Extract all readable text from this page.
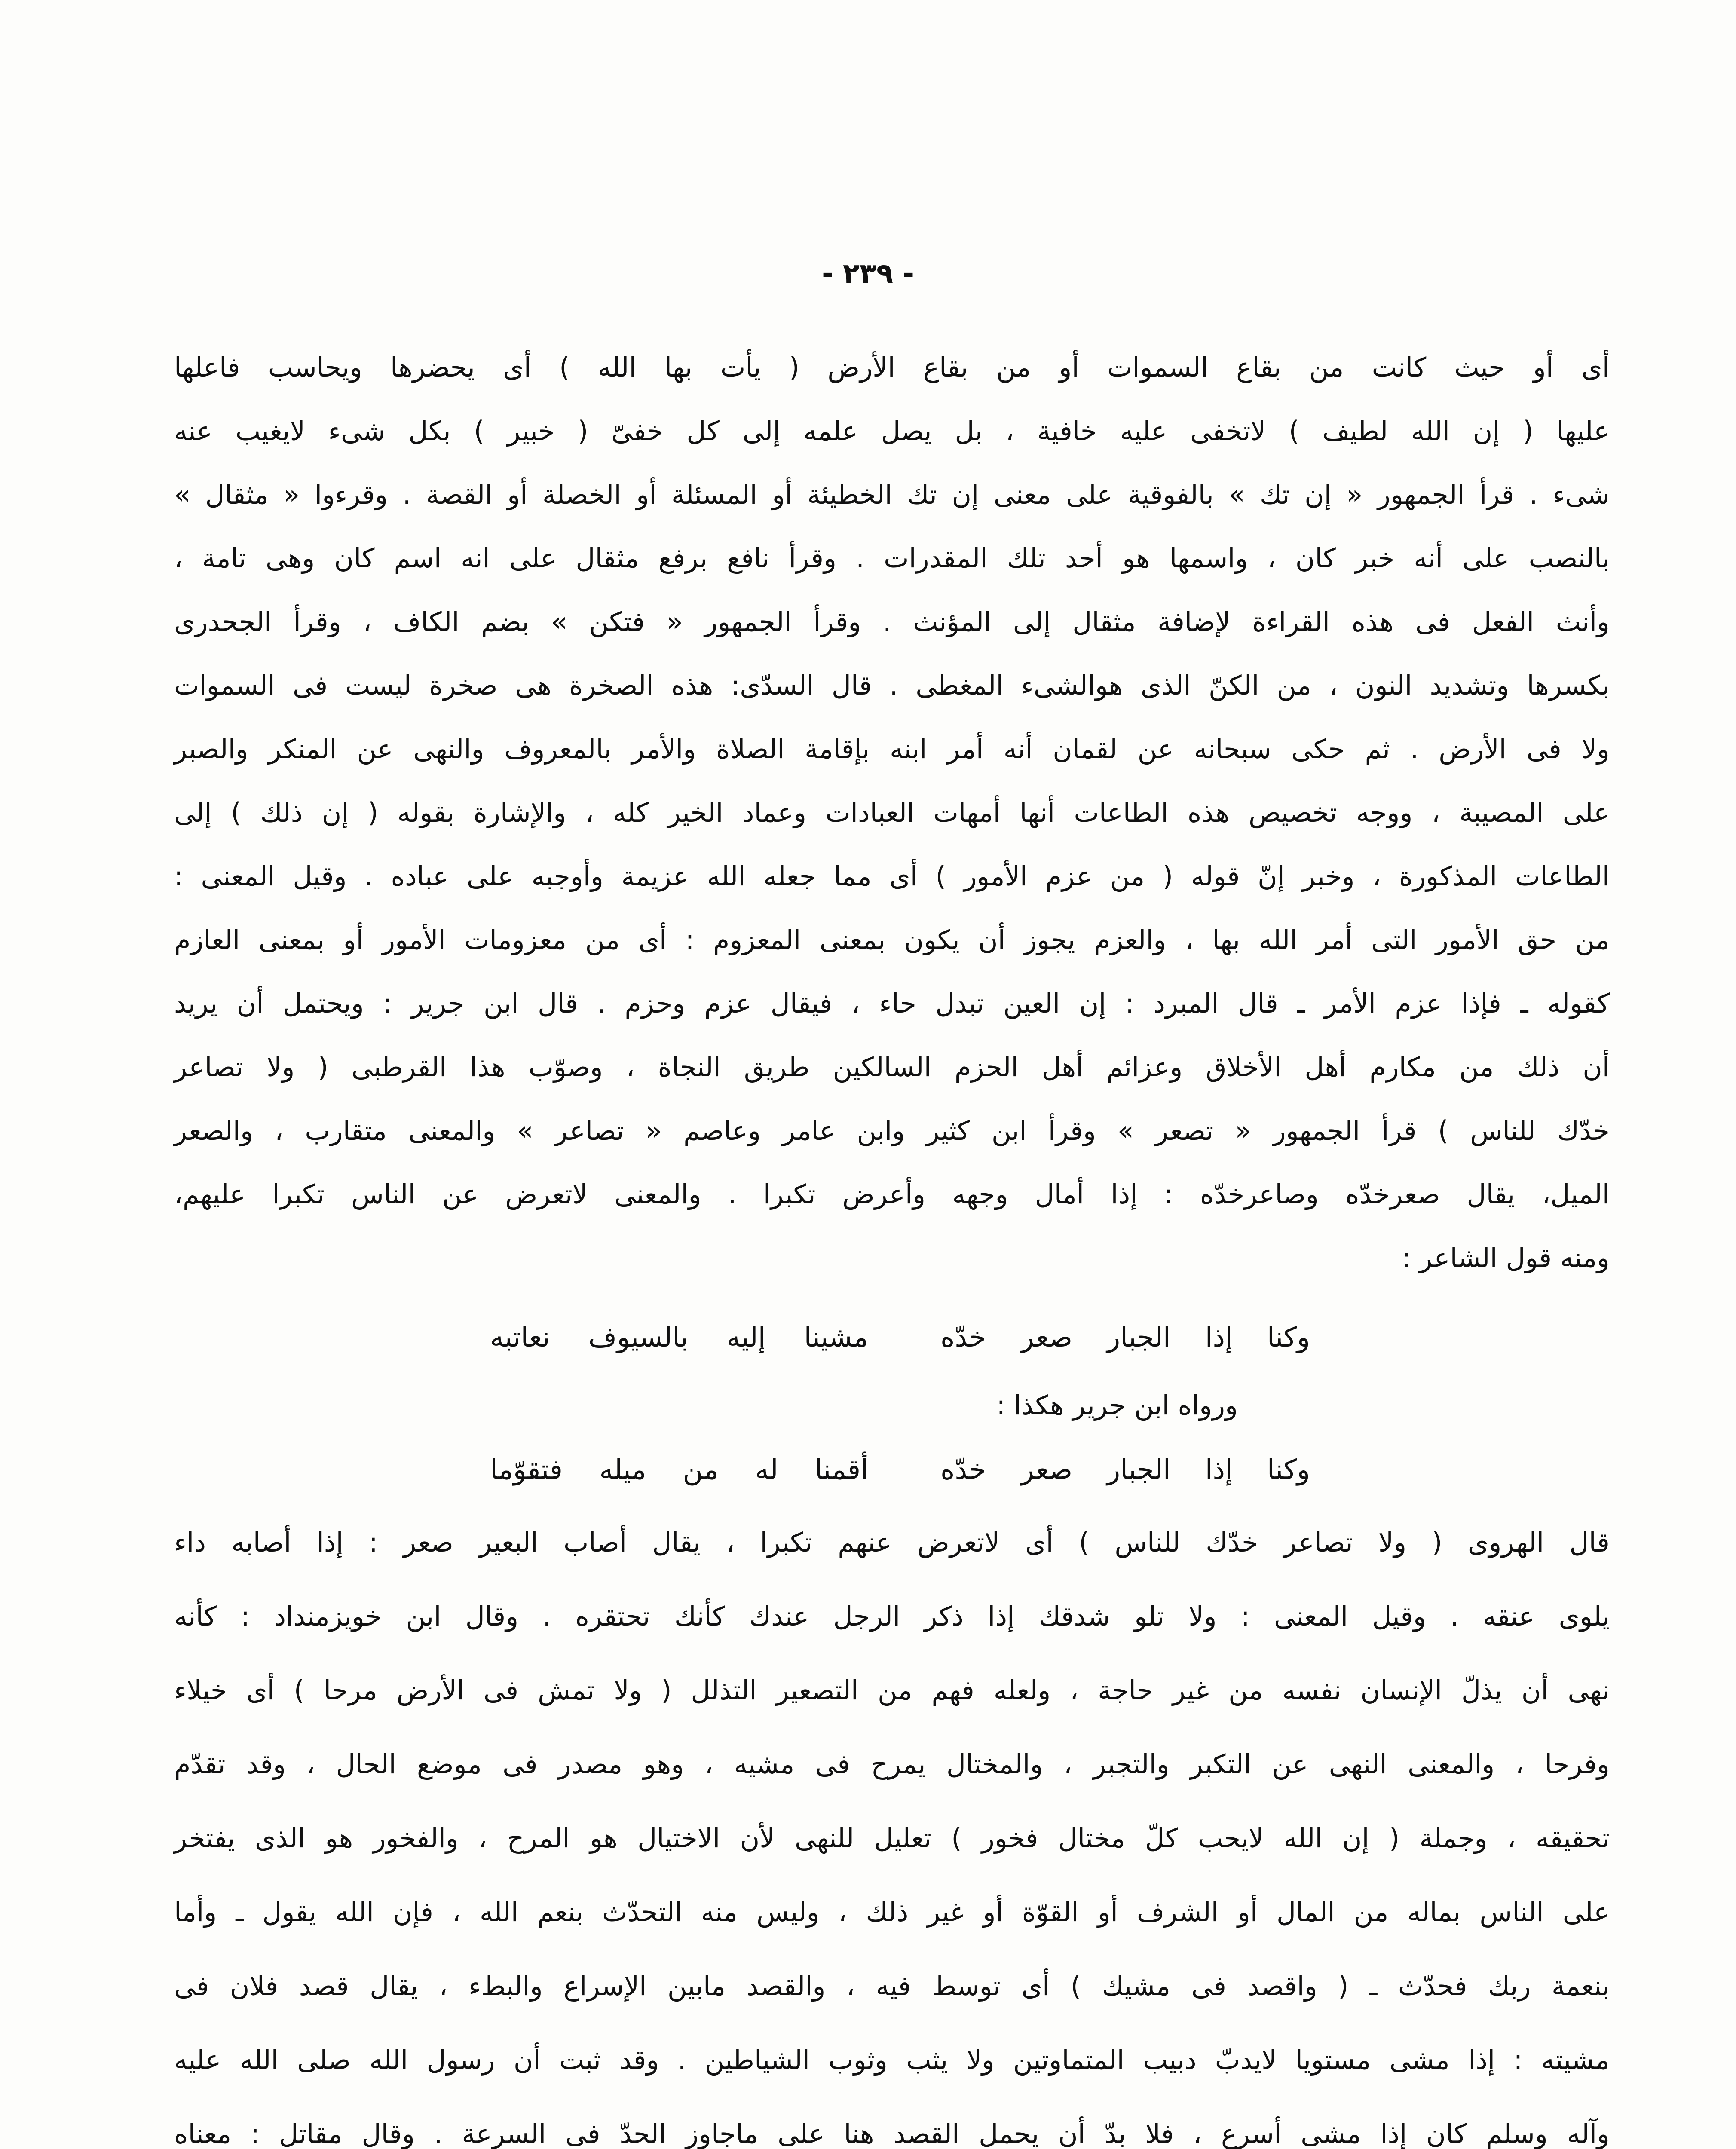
- ٢٣٩ -
أى أو حيث كانت من بقاع السموات أو من بقاع الأرض ( يأت بها الله ) أى يحضرها ويحاسب فاعلها
عليها ( إن الله لطيف ) لاتخفى عليه خافية ، بل يصل علمه إلى كل خفىّ ( خبير ) بكل شىء لايغيب عنه
شىء . قرأ الجمهور « إن تك » بالفوقية على معنى إن تك الخطيئة أو المسئلة أو الخصلة أو القصة . وقرءوا « مثقال »
بالنصب على أنه خبر كان ، واسمها هو أحد تلك المقدرات . وقرأ نافع برفع مثقال على انه اسم كان وهى تامة ،
وأنث الفعل فى هذه القراءة لإضافة مثقال إلى المؤنث . وقرأ الجمهور « فتكن » بضم الكاف ، وقرأ الجحدرى
بكسرها وتشديد النون ، من الكنّ الذى هوالشىء المغطى . قال السدّى: هذه الصخرة هى صخرة ليست فى السموات
ولا فى الأرض . ثم حكى سبحانه عن لقمان أنه أمر ابنه بإقامة الصلاة والأمر بالمعروف والنهى عن المنكر والصبر
على المصيبة ، ووجه تخصيص هذه الطاعات أنها أمهات العبادات وعماد الخير كله ، والإشارة بقوله ( إن ذلك ) إلى
الطاعات المذكورة ، وخبر إنّ قوله ( من عزم الأمور ) أى مما جعله الله عزيمة وأوجبه على عباده . وقيل المعنى :
من حق الأمور التى أمر الله بها ، والعزم يجوز أن يكون بمعنى المعزوم : أى من معزومات الأمور أو بمعنى العازم
كقوله ـ فإذا عزم الأمر ـ قال المبرد : إن العين تبدل حاء ، فيقال عزم وحزم . قال ابن جرير : ويحتمل أن يريد
أن ذلك من مكارم أهل الأخلاق وعزائم أهل الحزم السالكين طريق النجاة ، وصوّب هذا القرطبى ( ولا تصاعر
خدّك للناس ) قرأ الجمهور « تصعر » وقرأ ابن كثير وابن عامر وعاصم « تصاعر » والمعنى متقارب ، والصعر
الميل، يقال صعرخدّه وصاعرخدّه : إذا أمال وجهه وأعرض تكبرا . والمعنى لاتعرض عن الناس تكبرا عليهم،
ومنه قول الشاعر :
وكنا إذا الجبار صعر خدّه
مشينا إليه بالسيوف نعاتبه
ورواه ابن جرير هكذا :
وكنا إذا الجبار صعر خدّه
أقمنا له من ميله فتقوّما
قال الهروى ( ولا تصاعر خدّك للناس ) أى لاتعرض عنهم تكبرا ، يقال أصاب البعير صعر : إذا أصابه داء
يلوى عنقه . وقيل المعنى : ولا تلو شدقك إذا ذكر الرجل عندك كأنك تحتقره . وقال ابن خويزمنداد : كأنه
نهى أن يذلّ الإنسان نفسه من غير حاجة ، ولعله فهم من التصعير التذلل ( ولا تمش فى الأرض مرحا ) أى خيلاء
وفرحا ، والمعنى النهى عن التكبر والتجبر ، والمختال يمرح فى مشيه ، وهو مصدر فى موضع الحال ، وقد تقدّم
تحقيقه ، وجملة ( إن الله لايحب كلّ مختال فخور ) تعليل للنهى لأن الاختيال هو المرح ، والفخور هو الذى يفتخر
على الناس بماله من المال أو الشرف أو القوّة أو غير ذلك ، وليس منه التحدّث بنعم الله ، فإن الله يقول ـ وأما
بنعمة ربك فحدّث ـ ( واقصد فى مشيك ) أى توسط فيه ، والقصد مابين الإسراع والبطء ، يقال قصد فلان فى
مشيته : إذا مشى مستويا لايدبّ دبيب المتماوتين ولا يثب وثوب الشياطين . وقد ثبت أن رسول الله صلى الله عليه
وآله وسلم كان إذا مشى أسرع ، فلا بدّ أن يحمل القصد هنا على ماجاوز الحدّ فى السرعة . وقال مقاتل : معناه
